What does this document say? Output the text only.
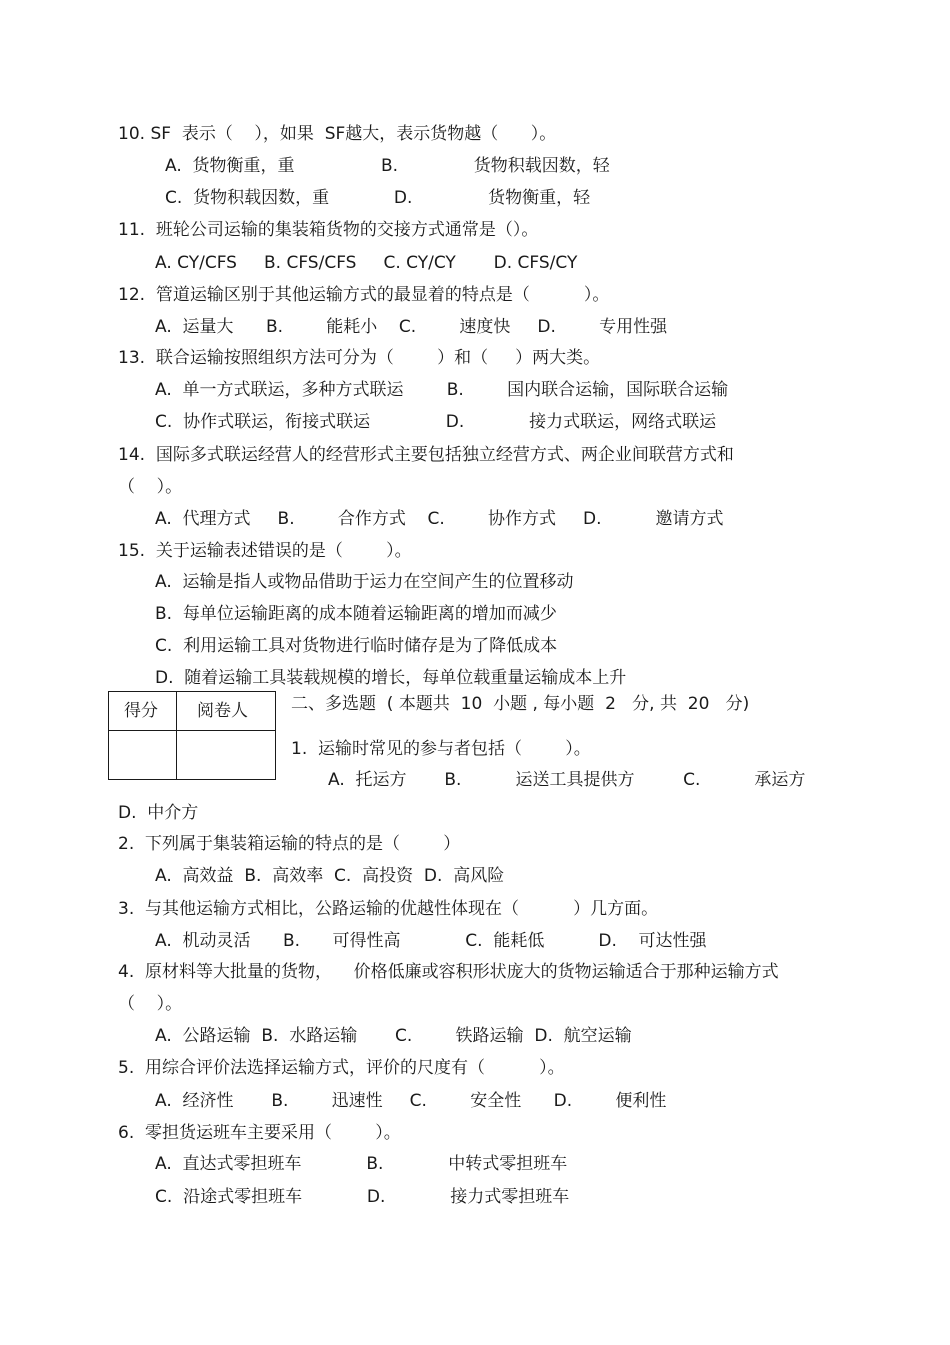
10. SF  表示（    ），如果  SF越大，表示货物越（      ）。
A.  货物衡重，重                B.              货物积载因数，轻
C.  货物积载因数，重            D.              货物衡重，轻
11.  班轮公司运输的集装箱货物的交接方式通常是（）。
A. CY/CFS     B. CFS/CFS     C. CY/CY       D. CFS/CY
12.  管道运输区别于其他运输方式的最显着的特点是（          ）。
A.  运量大      B.        能耗小    C.        速度快     D.        专用性强
13.  联合运输按照组织方法可分为（        ）和（     ）两大类。
A.  单一方式联运，多种方式联运        B.        国内联合运输，国际联合运输
C.  协作式联运，衔接式联运              D.            接力式联运，网络式联运
14.  国际多式联运经营人的经营形式主要包括独立经营方式、两企业间联营方式和
（    ）。
A.  代理方式     B.        合作方式    C.        协作方式     D.          邀请方式
15.  关于运输表述错误的是（        ）。
A.  运输是指人或物品借助于运力在空间产生的位置移动
B.  每单位运输距离的成本随着运输距离的增加而减少
C.  利用运输工具对货物进行临时储存是为了降低成本
D.  随着运输工具装载规模的增长，每单位载重量运输成本上升
得分 阅卷人	二、多选题  ( 本题共  10  小题 , 每小题  2   分, 共  20   分)
1.  运输时常见的参与者包括（        ）。
A.  托运方       B.          运送工具提供方         C.          承运方
D.  中介方
2.  下列属于集装箱运输的特点的是（        ）
A.  高效益  B.  高效率  C.  高投资  D.  高风险
3.  与其他运输方式相比，公路运输的优越性体现在（          ）几方面。
A.  机动灵活      B.      可得性高            C.  能耗低          D.    可达性强
4.  原材料等大批量的货物，    价格低廉或容积形状庞大的货物运输适合于那种运输方式
（    ）。
A.  公路运输  B.  水路运输       C.        铁路运输  D.  航空运输
5.  用综合评价法选择运输方式，评价的尺度有（          ）。
A.  经济性       B.        迅速性     C.        安全性      D.        便利性
6.  零担货运班车主要采用（        ）。
A.  直达式零担班车            B.            中转式零担班车
C.  沿途式零担班车            D.            接力式零担班车
